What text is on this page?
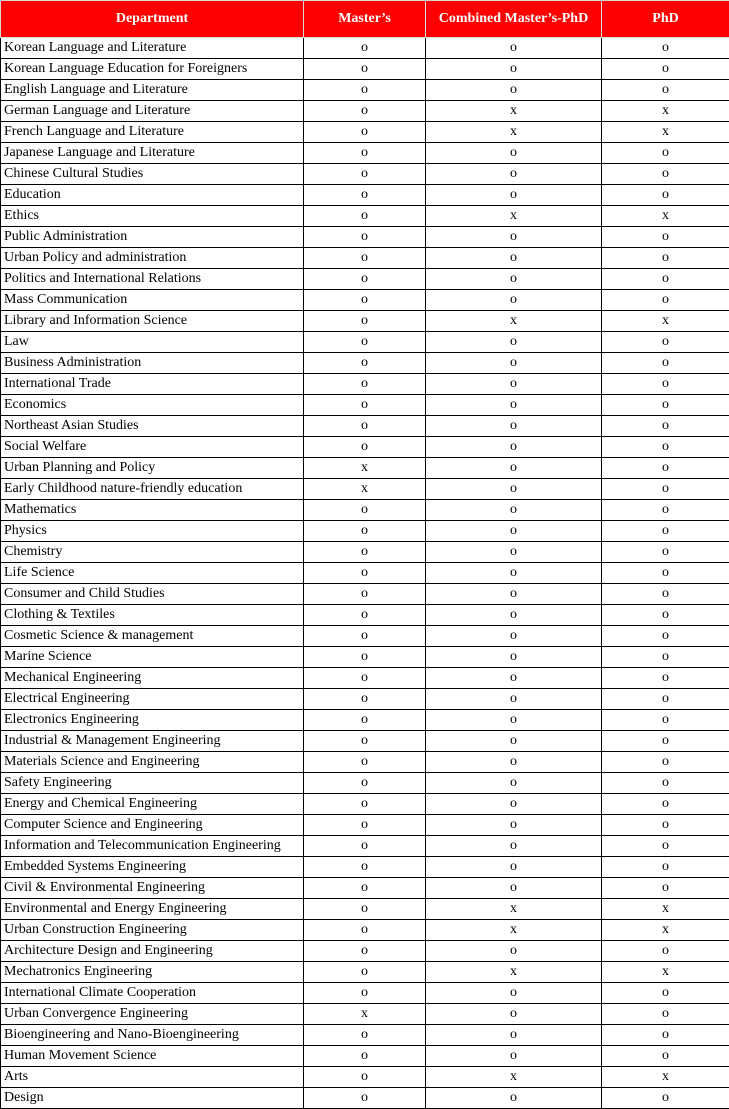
Department	Master’s	Combined Master’s-PhD	PhD
Korean Language and Literature	o	o	o
Korean Language Education for Foreigners	o	o	o
English Language and Literature	o	o	o
German Language and Literature	o	x	x
French Language and Literature	o	x	x
Japanese Language and Literature	o	o	o
Chinese Cultural Studies	o	o	o
Education	o	o	o
Ethics	o	x	x
Public Administration	o	o	o
Urban Policy and administration	o	o	o
Politics and International Relations	o	o	o
Mass Communication	o	o	o
Library and Information Science	o	x	x
Law	o	o	o
Business Administration	o	o	o
International Trade	o	o	o
Economics	o	o	o
Northeast Asian Studies	o	o	o
Social Welfare	o	o	o
Urban Planning and Policy	x	o	o
Early Childhood nature-friendly education	x	o	o
Mathematics	o	o	o
Physics	o	o	o
Chemistry	o	o	o
Life Science	o	o	o
Consumer and Child Studies	o	o	o
Clothing & Textiles	o	o	o
Cosmetic Science & management	o	o	o
Marine Science	o	o	o
Mechanical Engineering	o	o	o
Electrical Engineering	o	o	o
Electronics Engineering	o	o	o
Industrial & Management Engineering	o	o	o
Materials Science and Engineering	o	o	o
Safety Engineering	o	o	o
Energy and Chemical Engineering	o	o	o
Computer Science and Engineering	o	o	o
Information and Telecommunication Engineering	o	o	o
Embedded Systems Engineering	o	o	o
Civil & Environmental Engineering	o	o	o
Environmental and Energy Engineering	o	x	x
Urban Construction Engineering	o	x	x
Architecture Design and Engineering	o	o	o
Mechatronics Engineering	o	x	x
International Climate Cooperation	o	o	o
Urban Convergence Engineering	x	o	o
Bioengineering and Nano-Bioengineering	o	o	o
Human Movement Science	o	o	o
Arts	o	x	x
Design	o	o	o
